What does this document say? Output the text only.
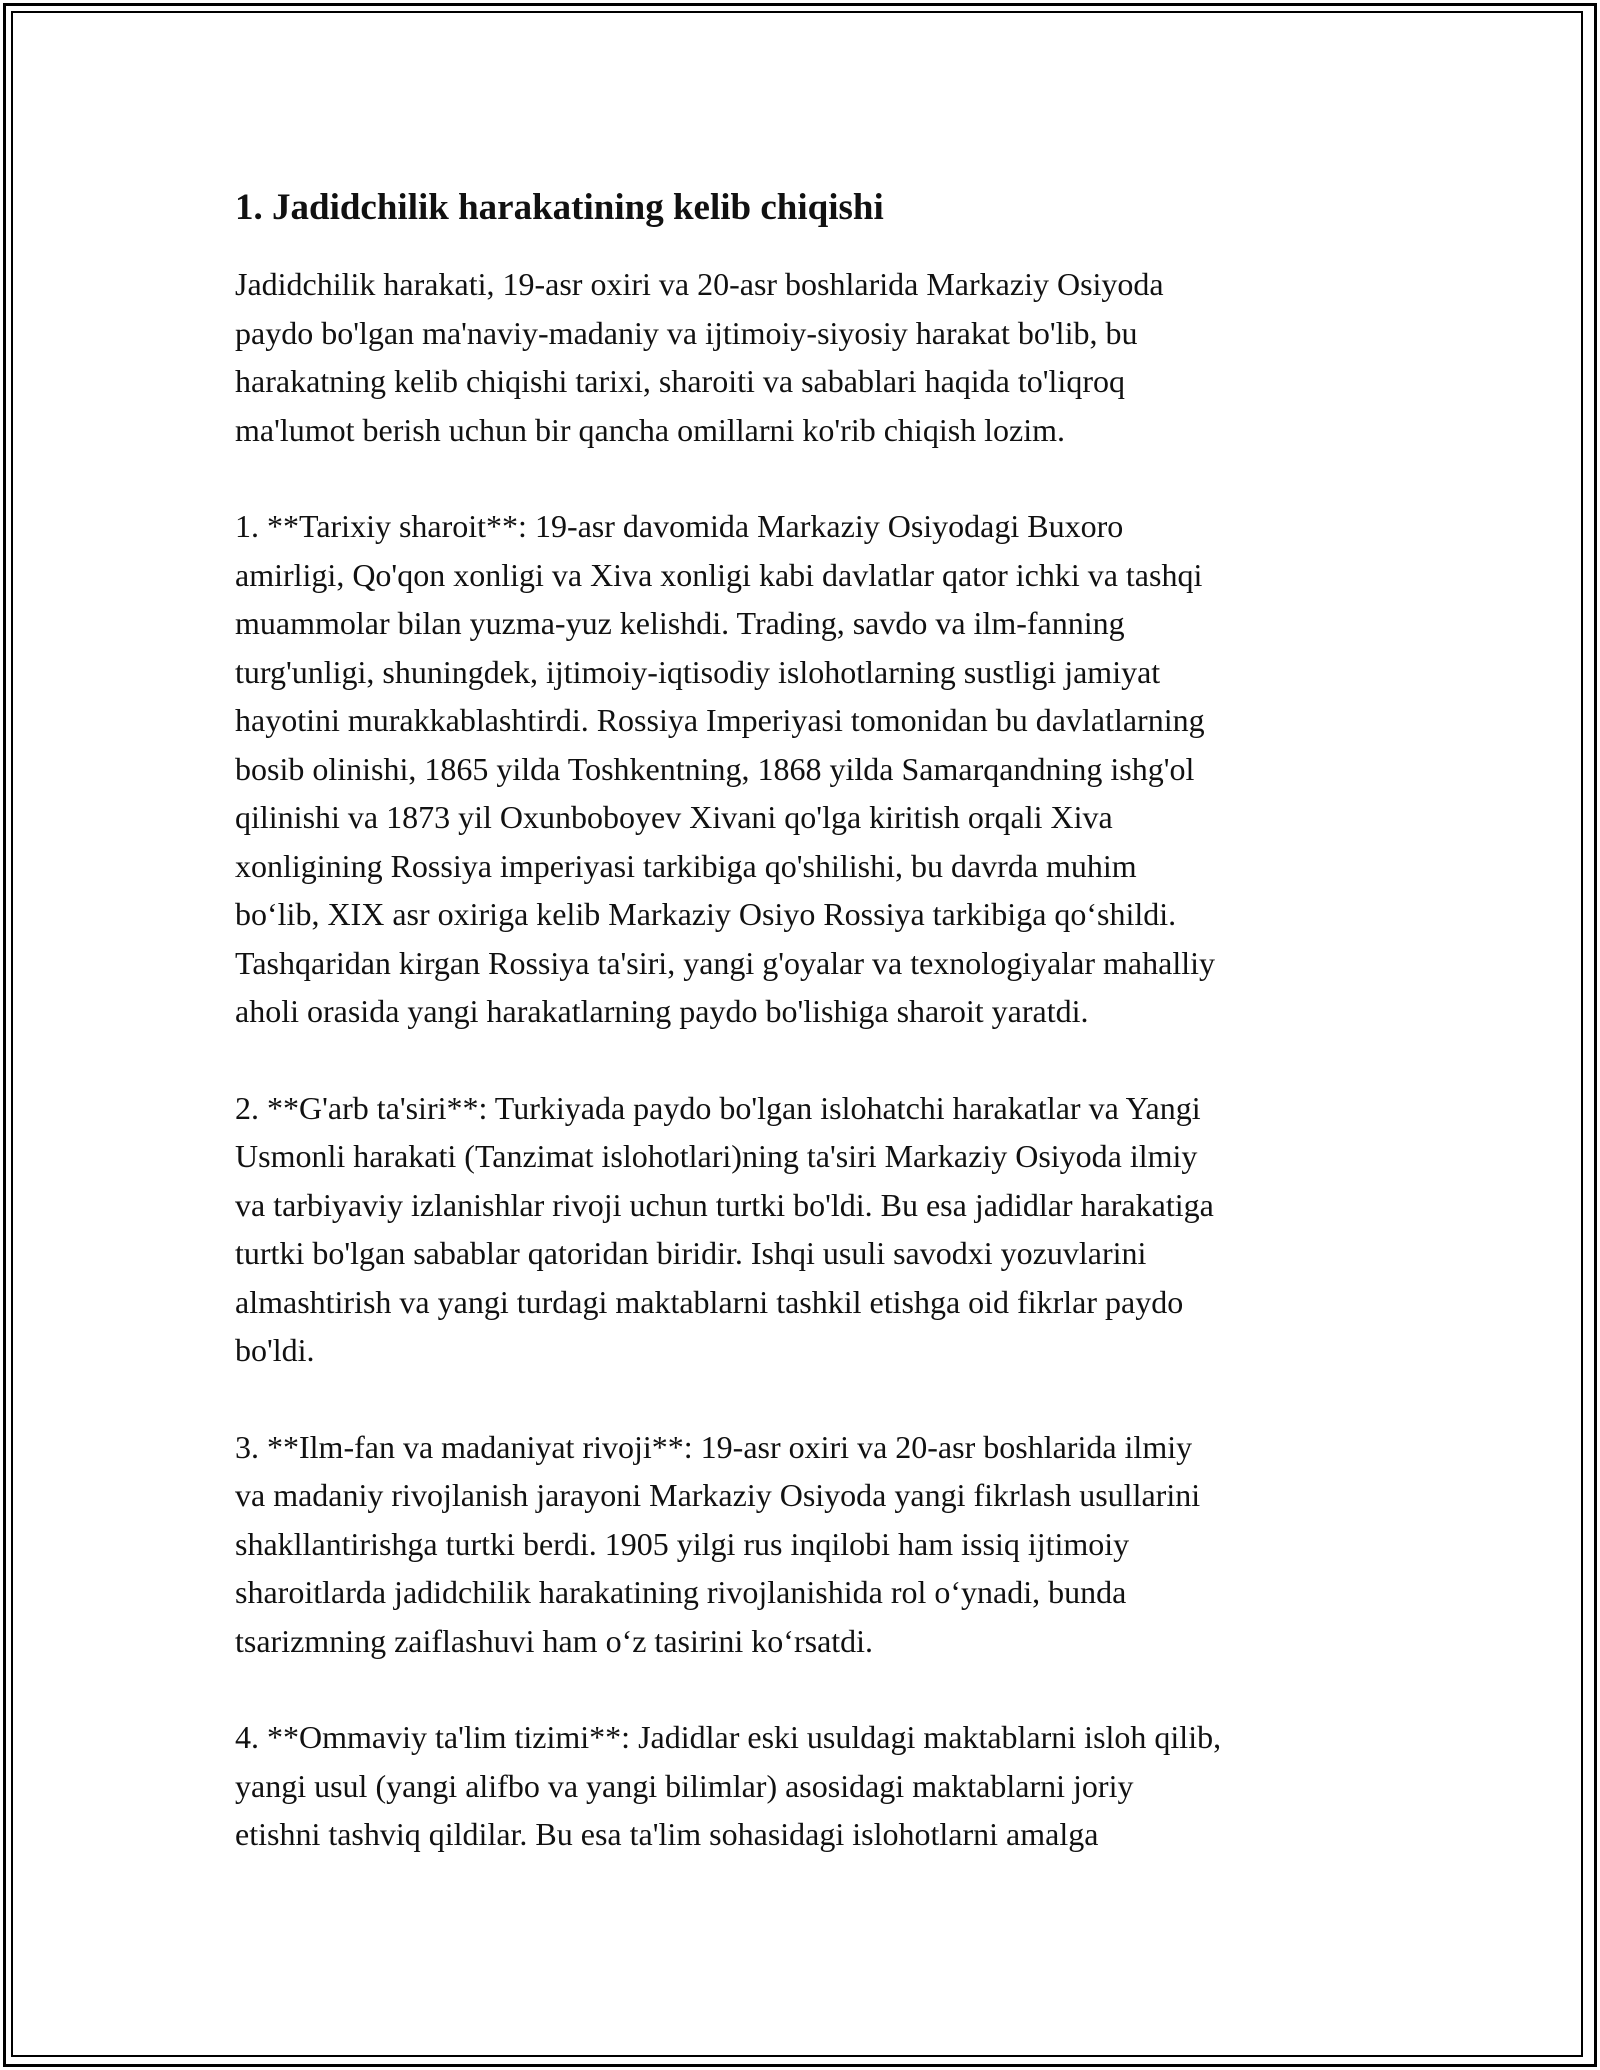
1. Jadidchilik harakatining kelib chiqishi

Jadidchilik harakati, 19-asr oxiri va 20-asr boshlarida Markaziy Osiyoda
paydo bo'lgan ma'naviy-madaniy va ijtimoiy-siyosiy harakat bo'lib, bu
harakatning kelib chiqishi tarixi, sharoiti va sabablari haqida to'liqroq
ma'lumot berish uchun bir qancha omillarni ko'rib chiqish lozim.

1. **Tarixiy sharoit**: 19-asr davomida Markaziy Osiyodagi Buxoro
amirligi, Qo'qon xonligi va Xiva xonligi kabi davlatlar qator ichki va tashqi
muammolar bilan yuzma-yuz kelishdi. Trading, savdo va ilm-fanning
turg'unligi, shuningdek, ijtimoiy-iqtisodiy islohotlarning sustligi jamiyat
hayotini murakkablashtirdi. Rossiya Imperiyasi tomonidan bu davlatlarning
bosib olinishi, 1865 yilda Toshkentning, 1868 yilda Samarqandning ishg'ol
qilinishi va 1873 yil Oxunboboyev Xivani qo'lga kiritish orqali Xiva
xonligining Rossiya imperiyasi tarkibiga qo'shilishi, bu davrda muhim
bo‘lib, XIX asr oxiriga kelib Markaziy Osiyo Rossiya tarkibiga qo‘shildi.
Tashqaridan kirgan Rossiya ta'siri, yangi g'oyalar va texnologiyalar mahalliy
aholi orasida yangi harakatlarning paydo bo'lishiga sharoit yaratdi.

2. **G'arb ta'siri**: Turkiyada paydo bo'lgan islohatchi harakatlar va Yangi
Usmonli harakati (Tanzimat islohotlari)ning ta'siri Markaziy Osiyoda ilmiy
va tarbiyaviy izlanishlar rivoji uchun turtki bo'ldi. Bu esa jadidlar harakatiga
turtki bo'lgan sabablar qatoridan biridir. Ishqi usuli savodxi yozuvlarini
almashtirish va yangi turdagi maktablarni tashkil etishga oid fikrlar paydo
bo'ldi.

3. **Ilm-fan va madaniyat rivoji**: 19-asr oxiri va 20-asr boshlarida ilmiy
va madaniy rivojlanish jarayoni Markaziy Osiyoda yangi fikrlash usullarini
shakllantirishga turtki berdi. 1905 yilgi rus inqilobi ham issiq ijtimoiy
sharoitlarda jadidchilik harakatining rivojlanishida rol o‘ynadi, bunda
tsarizmning zaiflashuvi ham o‘z tasirini ko‘rsatdi.

4. **Ommaviy ta'lim tizimi**: Jadidlar eski usuldagi maktablarni isloh qilib,
yangi usul (yangi alifbo va yangi bilimlar) asosidagi maktablarni joriy
etishni tashviq qildilar. Bu esa ta'lim sohasidagi islohotlarni amalga
